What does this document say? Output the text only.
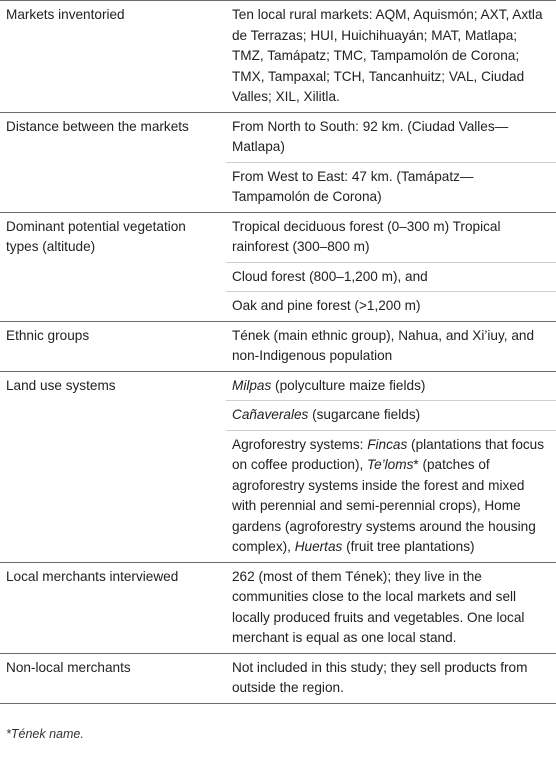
Markets inventoried	Ten local rural markets: AQM, Aquismón; AXT, Axtla de Terrazas; HUI, Huichihuayán; MAT, Matlapa; TMZ, Tamápatz; TMC, Tampamolón de Corona; TMX, Tampaxal; TCH, Tancanhuitz; VAL, Ciudad Valles; XIL, Xilitla.

Distance between the markets	From North to South: 92 km. (Ciudad Valles—Matlapa)
From West to East: 47 km. (Tamápatz—Tampamolón de Corona)

Dominant potential vegetation types (altitude)	Tropical deciduous forest (0–300 m) Tropical rainforest (300–800 m)
Cloud forest (800–1,200 m), and
Oak and pine forest (>1,200 m)

Ethnic groups	Tének (main ethnic group), Nahua, and Xi’iuy, and non-Indigenous population

Land use systems	Milpas (polyculture maize fields)
Cañaverales (sugarcane fields)
Agroforestry systems: Fincas (plantations that focus on coffee production), Te’loms* (patches of agroforestry systems inside the forest and mixed with perennial and semi-perennial crops), Home gardens (agroforestry systems around the housing complex), Huertas (fruit tree plantations)

Local merchants interviewed	262 (most of them Tének); they live in the communities close to the local markets and sell locally produced fruits and vegetables. One local merchant is equal as one local stand.

Non-local merchants	Not included in this study; they sell products from outside the region.
*Tének name.
